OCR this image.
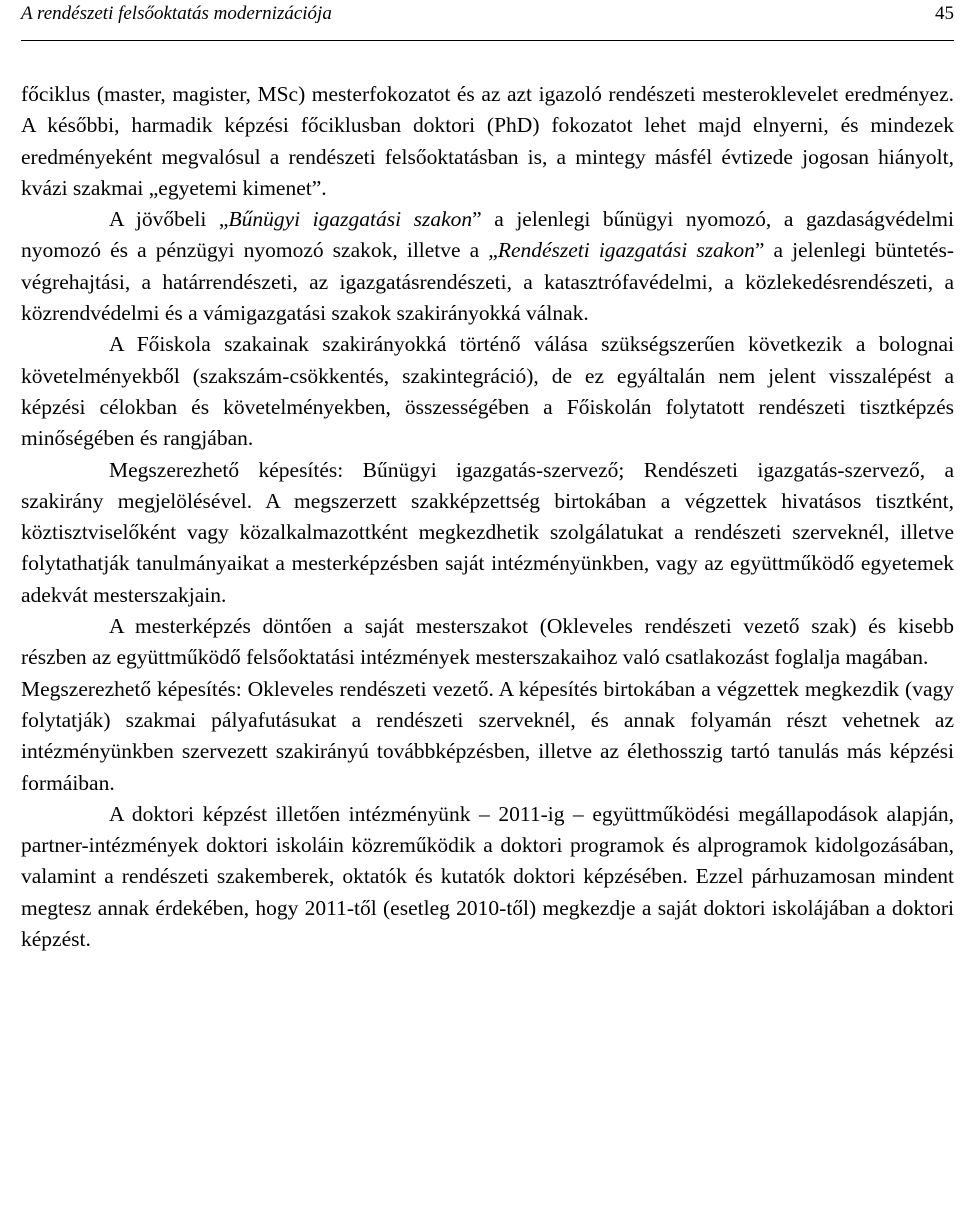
A rendészeti felsőoktatás modernizációja	45

főciklus (master, magister, MSc) mesterfokozatot és az azt igazoló rendészeti mesteroklevelet eredményez. A későbbi, harmadik képzési főciklusban doktori (PhD) fokozatot lehet majd elnyerni, és mindezek eredményeként megvalósul a rendészeti felsőoktatásban is, a mintegy másfél évtizede jogosan hiányolt, kvázi szakmai „egyetemi kimenet”.

A jövőbeli „Bűnügyi igazgatási szakon” a jelenlegi bűnügyi nyomozó, a gazdaságvédelmi nyomozó és a pénzügyi nyomozó szakok, illetve a „Rendészeti igazgatási szakon” a jelenlegi büntetés-végrehajtási, a határrendészeti, az igazgatásrendészeti, a katasztrófavédelmi, a közlekedésrendészeti, a közrendvédelmi és a vámigazgatási szakok szakirányokká válnak.

A Főiskola szakainak szakirányokká történő válása szükségszerűen következik a bolognai követelményekből (szakszám-csökkentés, szakintegráció), de ez egyáltalán nem jelent visszalépést a képzési célokban és követelményekben, összességében a Főiskolán folytatott rendészeti tisztképzés minőségében és rangjában.

Megszerezhető képesítés: Bűnügyi igazgatás-szervező; Rendészeti igazgatás-szervező, a szakirány megjelölésével. A megszerzett szakképzettség birtokában a végzettek hivatásos tisztként, köztisztviselőként vagy közalkalmazottként megkezdhetik szolgálatukat a rendészeti szerveknél, illetve folytathatják tanulmányaikat a mesterképzésben saját intézményünkben, vagy az együttműködő egyetemek adekvát mesterszakjain.

A mesterképzés döntően a saját mesterszakot (Okleveles rendészeti vezető szak) és kisebb részben az együttműködő felsőoktatási intézmények mesterszakaihoz való csatlakozást foglalja magában.

Megszerezhető képesítés: Okleveles rendészeti vezető. A képesítés birtokában a végzettek megkezdik (vagy folytatják) szakmai pályafutásukat a rendészeti szerveknél, és annak folyamán részt vehetnek az intézményünkben szervezett szakirányú továbbképzésben, illetve az élethosszig tartó tanulás más képzési formáiban.

A doktori képzést illetően intézményünk – 2011-ig – együttműködési megállapodások alapján, partner-intézmények doktori iskoláin közreműködik a doktori programok és alprogramok kidolgozásában, valamint a rendészeti szakemberek, oktatók és kutatók doktori képzésében. Ezzel párhuzamosan mindent megtesz annak érdekében, hogy 2011-től (esetleg 2010-től) megkezdje a saját doktori iskolájában a doktori képzést.
